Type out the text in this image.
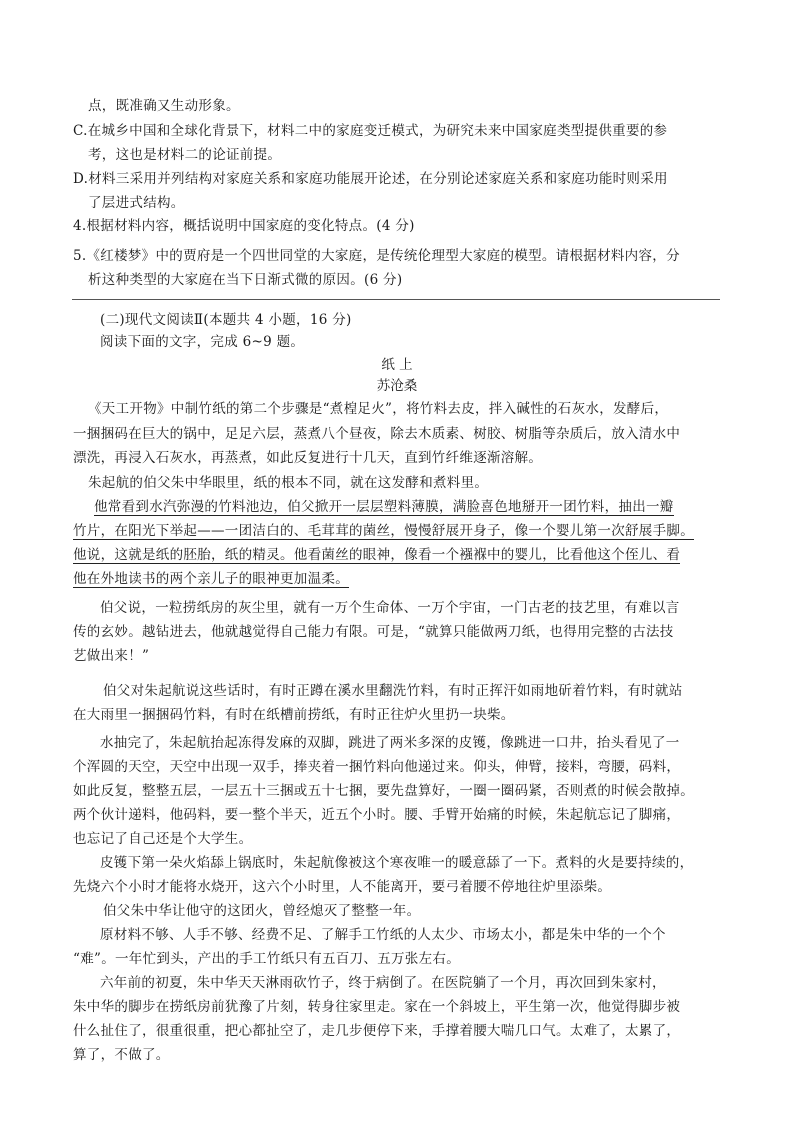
点，既准确又生动形象。
C.在城乡中国和全球化背景下，材料二中的家庭变迁模式，为研究未来中国家庭类型提供重要的参
考，这也是材料二的论证前提。
D.材料三采用并列结构对家庭关系和家庭功能展开论述，在分别论述家庭关系和家庭功能时则采用
了层进式结构。
4.根据材料内容，概括说明中国家庭的变化特点。(4 分)
5.《红楼梦》中的贾府是一个四世同堂的大家庭，是传统伦理型大家庭的模型。请根据材料内容，分
析这种类型的大家庭在当下日渐式微的原因。(6 分)
(二)现代文阅读Ⅱ(本题共 4 小题，16 分)
阅读下面的文字，完成 6~9 题。
纸 上
苏沧桑
《天工开物》中制竹纸的第二个步骤是“煮楻足火”，将竹料去皮，拌入碱性的石灰水，发酵后，
一捆捆码在巨大的锅中，足足六层，蒸煮八个昼夜，除去木质素、树胶、树脂等杂质后，放入清水中
漂洗，再浸入石灰水，再蒸煮，如此反复进行十几天，直到竹纤维逐渐溶解。
朱起航的伯父朱中华眼里，纸的根本不同，就在这发酵和煮料里。
他常看到水汽弥漫的竹料池边，伯父掀开一层层塑料薄膜，满脸喜色地掰开一团竹料，抽出一瓣
竹片，在阳光下举起——一团洁白的、毛茸茸的菌丝，慢慢舒展开身子，像一个婴儿第一次舒展手脚。
他说，这就是纸的胚胎，纸的精灵。他看菌丝的眼神，像看一个襁褓中的婴儿，比看他这个侄儿、看
他在外地读书的两个亲儿子的眼神更加温柔。
伯父说，一粒捞纸房的灰尘里，就有一万个生命体、一万个宇宙，一门古老的技艺里，有难以言
传的玄妙。越钻进去，他就越觉得自己能力有限。可是，“就算只能做两刀纸，也得用完整的古法技
艺做出来！”
伯父对朱起航说这些话时，有时正蹲在溪水里翻洗竹料，有时正挥汗如雨地斫着竹料，有时就站
在大雨里一捆捆码竹料，有时在纸槽前捞纸，有时正往炉火里扔一块柴。
水抽完了，朱起航抬起冻得发麻的双脚，跳进了两米多深的皮镬，像跳进一口井，抬头看见了一
个浑圆的天空，天空中出现一双手，捧夹着一捆竹料向他递过来。仰头，伸臂，接料，弯腰，码料，
如此反复，整整五层，一层五十三捆或五十七捆，要先盘算好，一圈一圈码紧，否则煮的时候会散掉。
两个伙计递料，他码料，要一整个半天，近五个小时。腰、手臂开始痛的时候，朱起航忘记了脚痛，
也忘记了自己还是个大学生。
皮镬下第一朵火焰舔上锅底时，朱起航像被这个寒夜唯一的暖意舔了一下。煮料的火是要持续的，
先烧六个小时才能将水烧开，这六个小时里，人不能离开，要弓着腰不停地往炉里添柴。
伯父朱中华让他守的这团火，曾经熄灭了整整一年。
原材料不够、人手不够、经费不足、了解手工竹纸的人太少、市场太小，都是朱中华的一个个
“难”。一年忙到头，产出的手工竹纸只有五百刀、五万张左右。
六年前的初夏，朱中华天天淋雨砍竹子，终于病倒了。在医院躺了一个月，再次回到朱家村，
朱中华的脚步在捞纸房前犹豫了片刻，转身往家里走。家在一个斜坡上，平生第一次，他觉得脚步被
什么扯住了，很重很重，把心都扯空了，走几步便停下来，手撑着腰大喘几口气。太难了，太累了，
算了，不做了。
